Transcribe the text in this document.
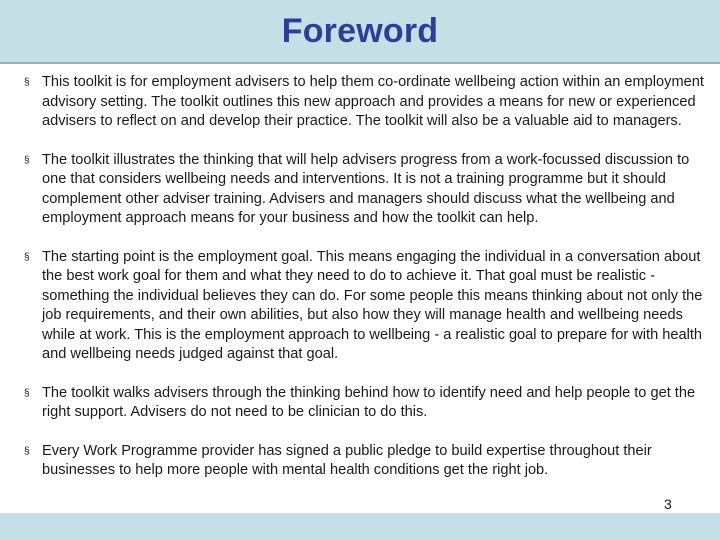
Foreword
§ This toolkit is for employment advisers to help them co-ordinate wellbeing action within an employment advisory setting. The toolkit outlines this new approach and provides a means for new or experienced advisers to reflect on and develop their practice. The toolkit will also be a valuable aid to managers.

§ The toolkit illustrates the thinking that will help advisers progress from a work-focussed discussion to one that considers wellbeing needs and interventions. It is not a training programme but it should complement other adviser training. Advisers and managers should discuss what the wellbeing and employment approach means for your business and how the toolkit can help.

§ The starting point is the employment goal. This means engaging the individual in a conversation about the best work goal for them and what they need to do to achieve it. That goal must be realistic - something the individual believes they can do. For some people this means thinking about not only the job requirements, and their own abilities, but also how they will manage health and wellbeing needs while at work. This is the employment approach to wellbeing - a realistic goal to prepare for with health and wellbeing needs judged against that goal.

§ The toolkit walks advisers through the thinking behind how to identify need and help people to get the right support. Advisers do not need to be clinician to do this.

§ Every Work Programme provider has signed a public pledge to build expertise throughout their businesses to help more people with mental health conditions get the right job.

3
